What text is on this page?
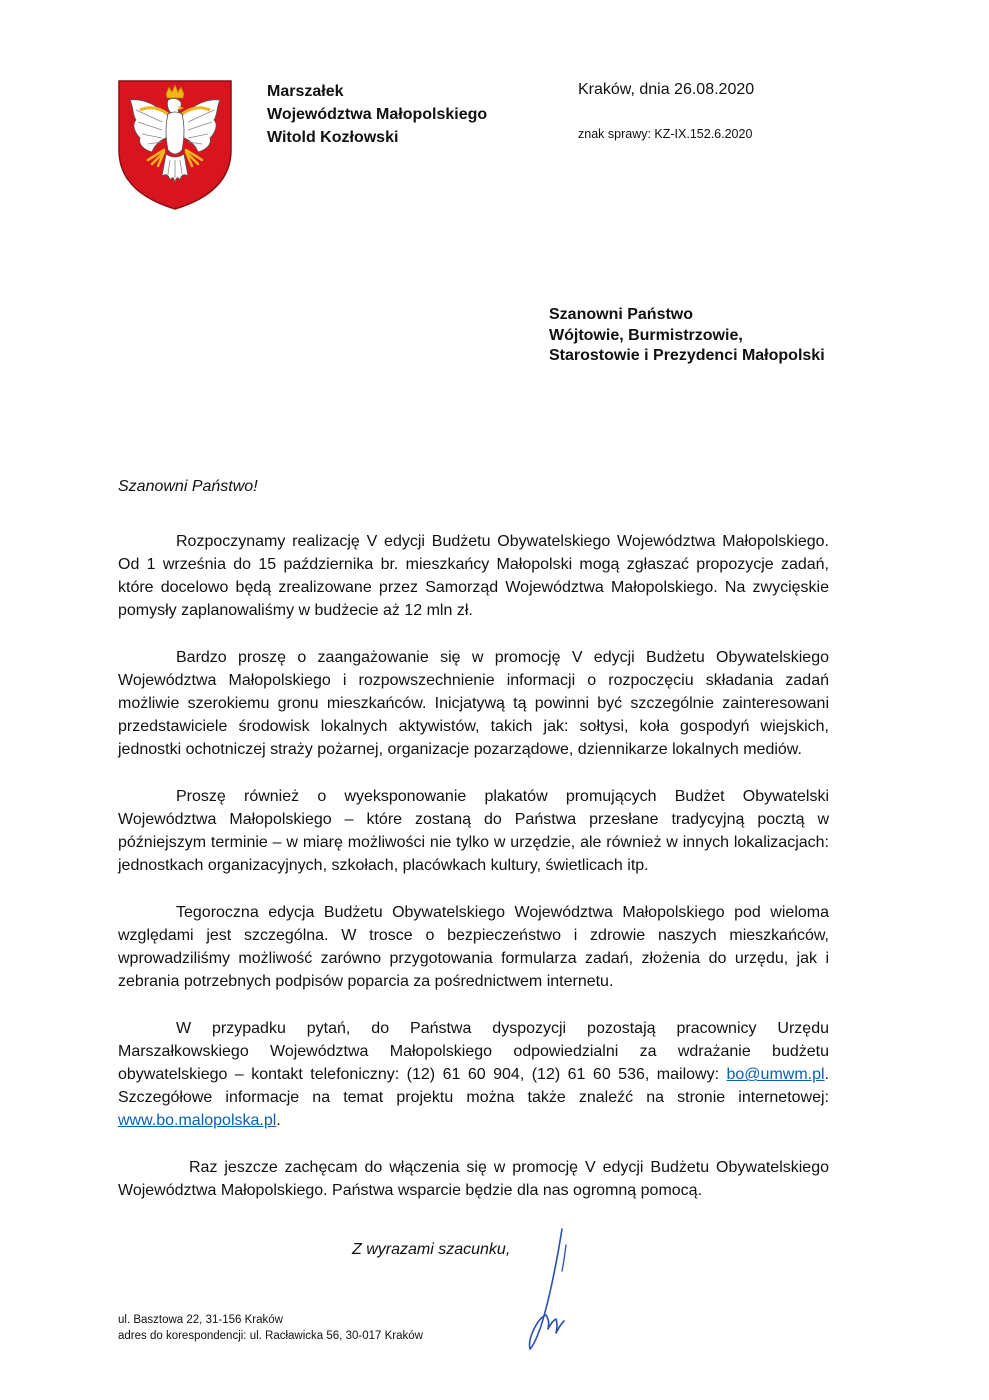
Marszałek
Województwa Małopolskiego
Witold Kozłowski
Kraków, dnia 26.08.2020
znak sprawy: KZ-IX.152.6.2020
Szanowni Państwo
Wójtowie, Burmistrzowie,
Starostowie i Prezydenci Małopolski
Szanowni Państwo!

Rozpoczynamy realizację V edycji Budżetu Obywatelskiego Województwa Małopolskiego. Od 1 września do 15 października br. mieszkańcy Małopolski mogą zgłaszać propozycje zadań, które docelowo będą zrealizowane przez Samorząd Województwa Małopolskiego. Na zwycięskie pomysły zaplanowaliśmy w budżecie aż 12 mln zł.

Bardzo proszę o zaangażowanie się w promocję V edycji Budżetu Obywatelskiego Województwa Małopolskiego i rozpowszechnienie informacji o rozpoczęciu składania zadań możliwie szerokiemu gronu mieszkańców. Inicjatywą tą powinni być szczególnie zainteresowani przedstawiciele środowisk lokalnych aktywistów, takich jak: sołtysi, koła gospodyń wiejskich, jednostki ochotniczej straży pożarnej, organizacje pozarządowe, dziennikarze lokalnych mediów.

Proszę również o wyeksponowanie plakatów promujących Budżet Obywatelski Województwa Małopolskiego – które zostaną do Państwa przesłane tradycyjną pocztą w późniejszym terminie – w miarę możliwości nie tylko w urzędzie, ale również w innych lokalizacjach: jednostkach organizacyjnych, szkołach, placówkach kultury, świetlicach itp.

Tegoroczna edycja Budżetu Obywatelskiego Województwa Małopolskiego pod wieloma względami jest szczególna. W trosce o bezpieczeństwo i zdrowie naszych mieszkańców, wprowadziliśmy możliwość zarówno przygotowania formularza zadań, złożenia do urzędu, jak i zebrania potrzebnych podpisów poparcia za pośrednictwem internetu.

W przypadku pytań, do Państwa dyspozycji pozostają pracownicy Urzędu Marszałkowskiego Województwa Małopolskiego odpowiedzialni za wdrażanie budżetu obywatelskiego – kontakt telefoniczny: (12) 61 60 904, (12) 61 60 536, mailowy: bo@umwm.pl. Szczegółowe informacje na temat projektu można także znaleźć na stronie internetowej: www.bo.malopolska.pl.

Raz jeszcze zachęcam do włączenia się w promocję V edycji Budżetu Obywatelskiego Województwa Małopolskiego. Państwa wsparcie będzie dla nas ogromną pomocą.

Z wyrazami szacunku,
ul. Basztowa 22, 31-156 Kraków
adres do korespondencji: ul. Racławicka 56, 30-017 Kraków
